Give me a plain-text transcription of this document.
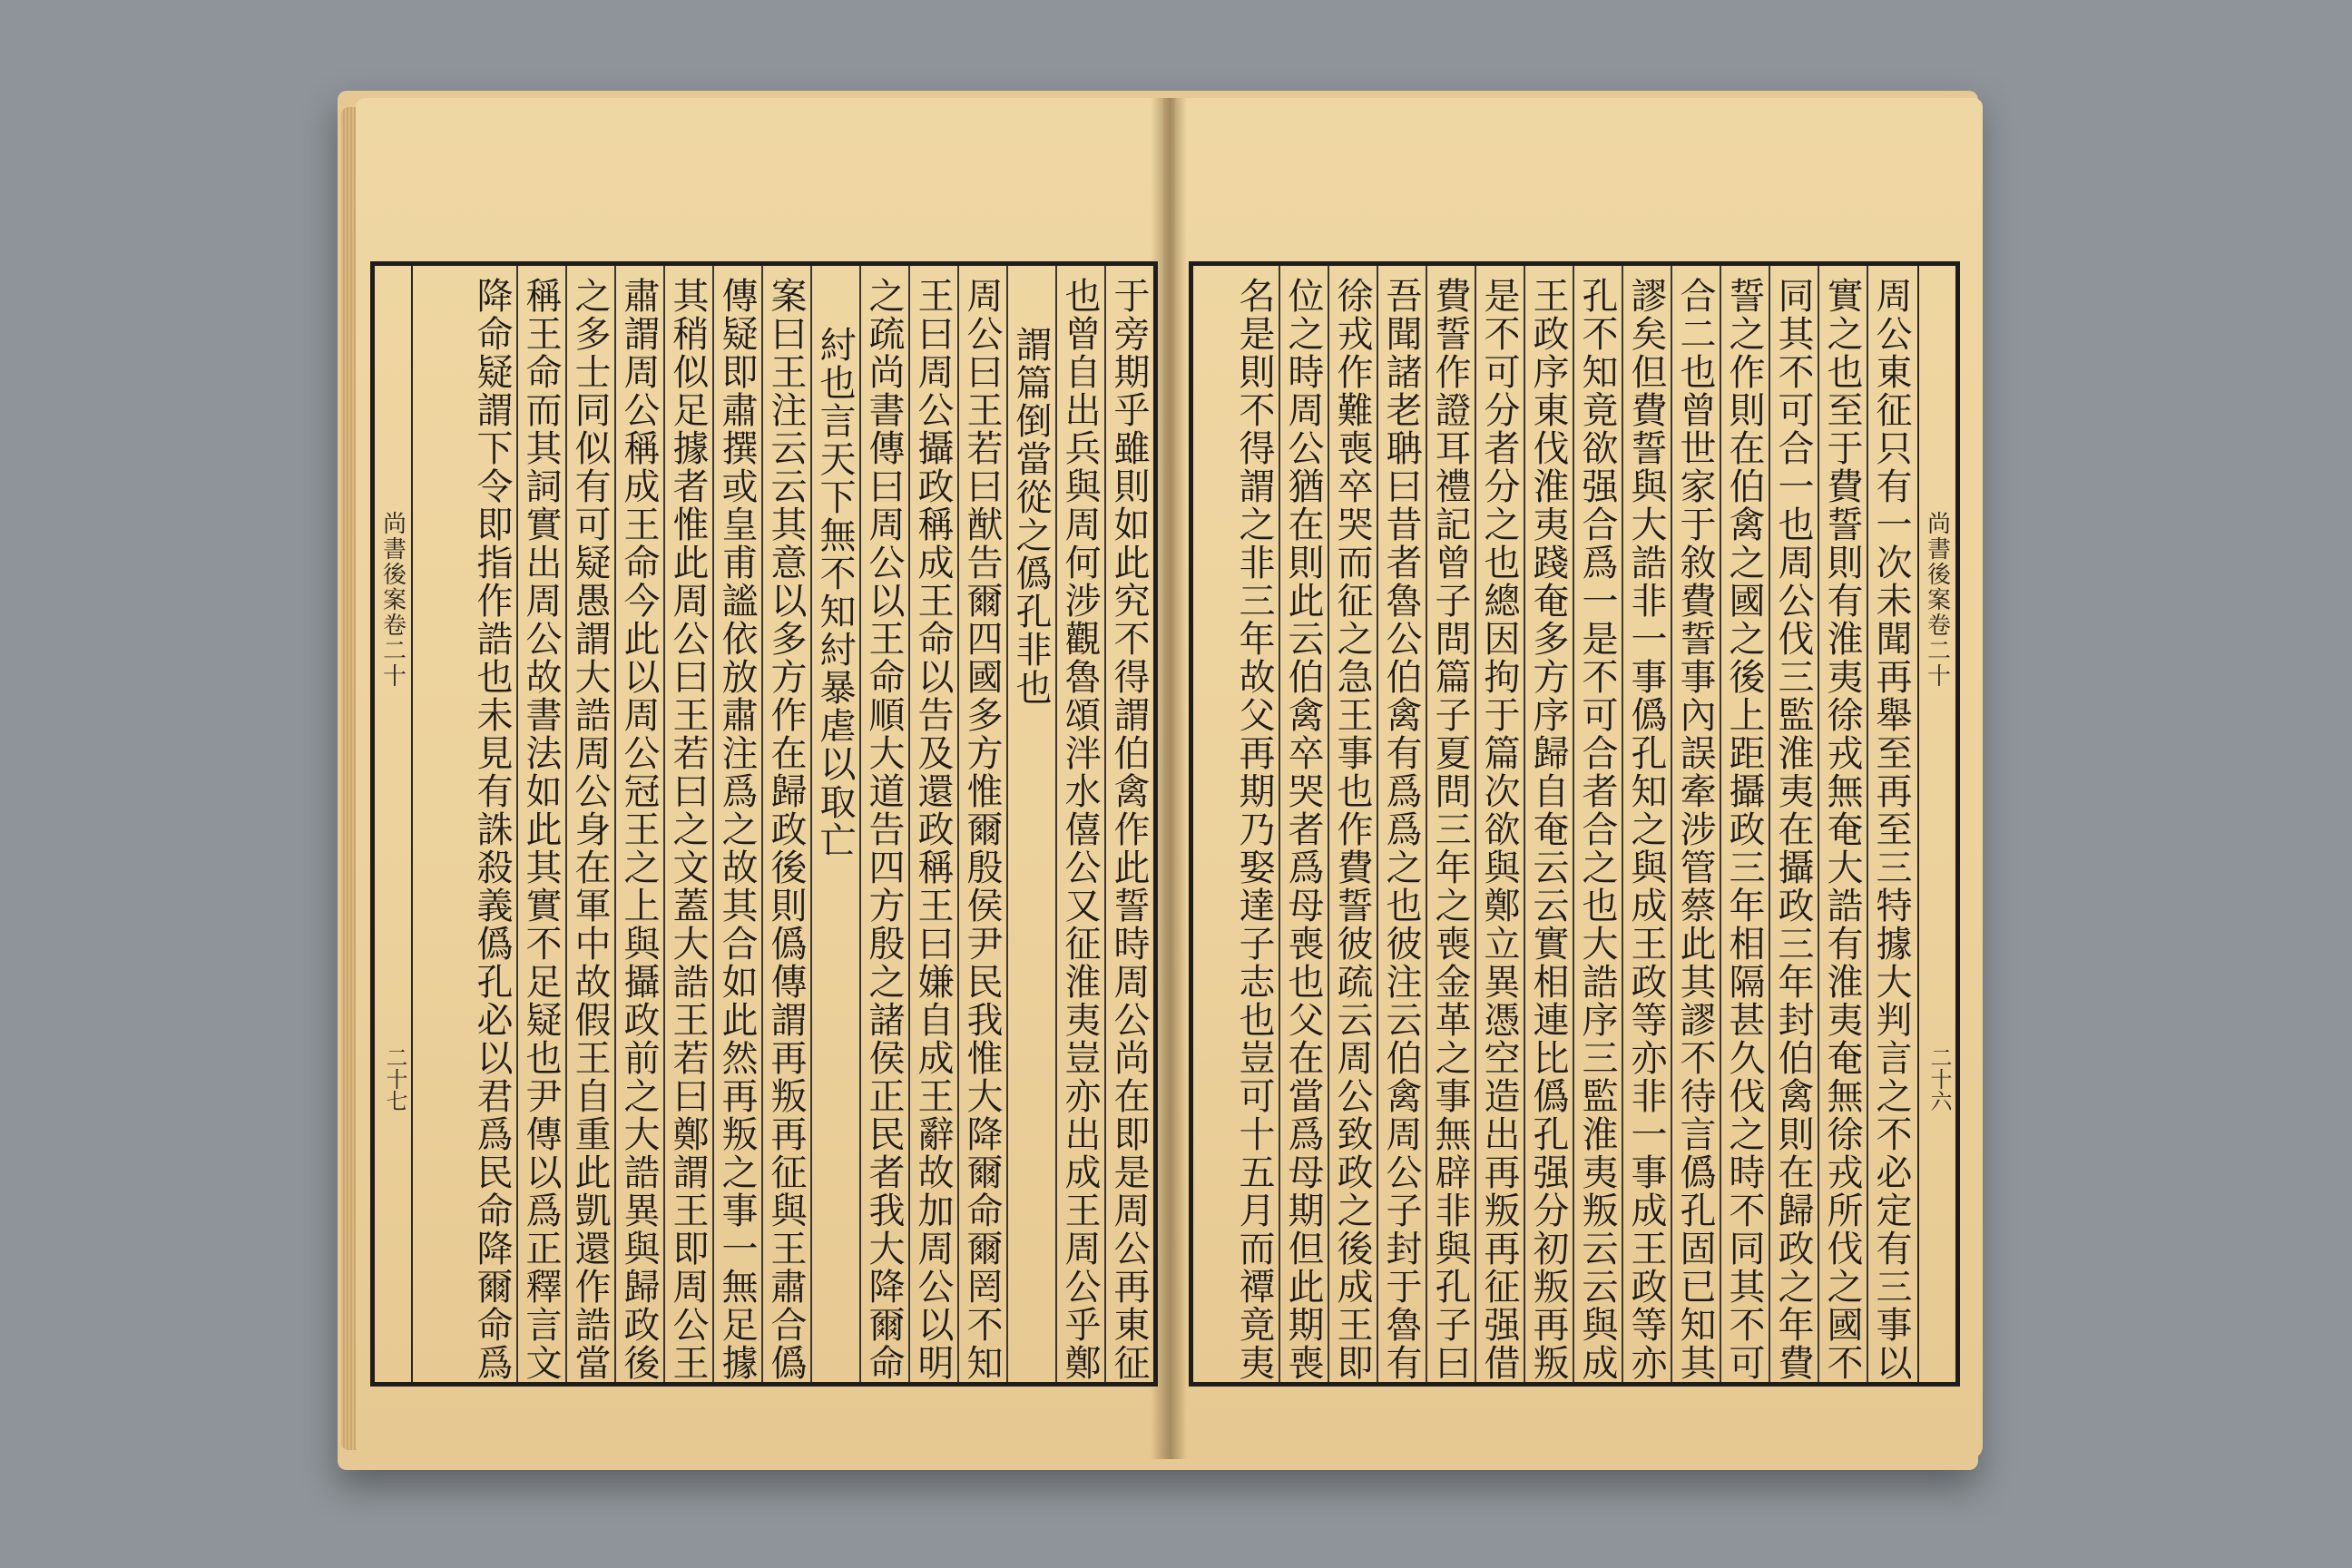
尚書後案卷二十
二十七	于旁期乎雖則如此究不得謂伯禽作此誓時周公尚在即是周公再東征
也曾自出兵與周何涉觀魯頌泮水僖公又征淮夷豈亦出成王周公乎鄭
謂篇倒當從之僞孔非也
周公曰王若曰猷告爾四國多方惟爾殷侯尹民我惟大降爾命爾罔不知
王曰周公攝政稱成王命以告及還政稱王曰嫌自成王辭故加周公以明
之疏尚書傳曰周公以王命順大道告四方殷之諸侯正民者我大降爾命
紂也言天下無不知紂暴虐以取亡
案曰王注云云其意以多方作在歸政後則僞傳謂再叛再征與王肅合僞
傳疑即肅撰或皇甫謐依放肅注爲之故其合如此然再叛之事一無足據
其稍似足據者惟此周公曰王若曰之文蓋大誥王若曰鄭謂王即周公王
肅謂周公稱成王命今此以周公冠王之上與攝政前之大誥異與歸政後
之多士同似有可疑愚謂大誥周公身在軍中故假王自重此凱還作誥當
稱王命而其詞實出周公故書法如此其實不足疑也尹傳以爲正釋言文
降命疑謂下令即指作誥也未見有誅殺義僞孔必以君爲民命降爾命爲	尚書後案卷二十
二十六
周公東征只有一次未聞再舉至再至三特據大判言之不必定有三事以
實之也至于費誓則有淮夷徐戎無奄大誥有淮夷奄無徐戎所伐之國不
同其不可合一也周公伐三監淮夷在攝政三年封伯禽則在歸政之年費
誓之作則在伯禽之國之後上距攝政三年相隔甚久伐之時不同其不可
合二也曾世家于敘費誓事內誤牽涉管蔡此其謬不待言僞孔固已知其
謬矣但費誓與大誥非一事僞孔知之與成王政等亦非一事成王政等亦
孔不知竟欲强合爲一是不可合者合之也大誥序三監淮夷叛云云與成
王政序東伐淮夷踐奄多方序歸自奄云云實相連比僞孔强分初叛再叛
是不可分者分之也總因拘于篇次欲與鄭立異憑空造出再叛再征强借
費誓作證耳禮記曾子問篇子夏問三年之喪金革之事無辟非與孔子曰
吾聞諸老聃曰昔者魯公伯禽有爲爲之也彼注云伯禽周公子封于魯有
徐戎作難喪卒哭而征之急王事也作費誓彼疏云周公致政之後成王即
位之時周公猶在則此云伯禽卒哭者爲母喪也父在當爲母期但此期喪
名是則不得謂之非三年故父再期乃娶達子志也豈可十五月而禫竟夷
